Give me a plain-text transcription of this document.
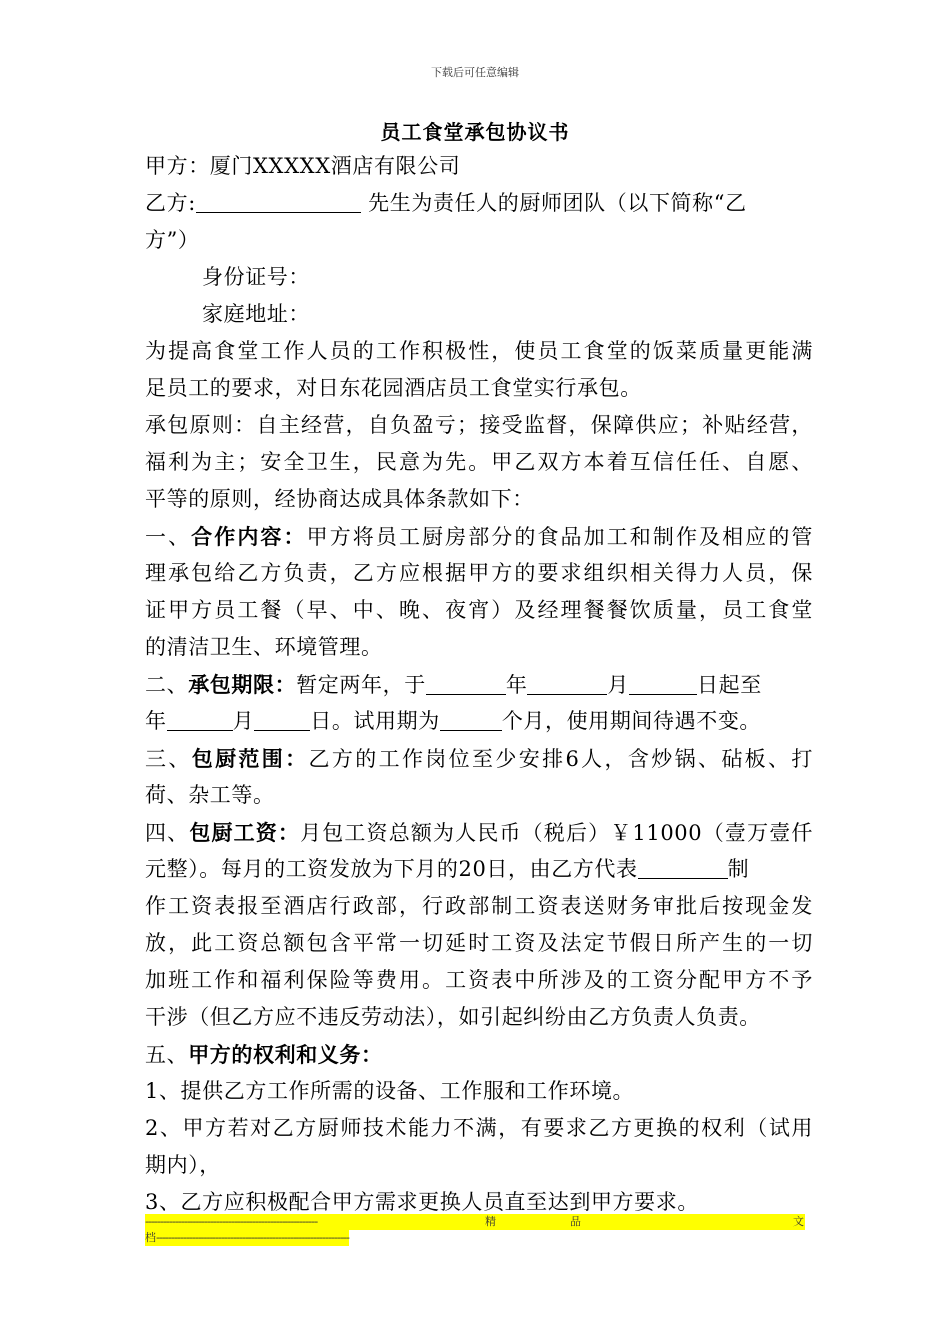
下载后可任意编辑
员工食堂承包协议书
甲方：厦门XXXXX酒店有限公司
乙方:	先生为责任人的厨师团队（以下简称“乙
方”）
身份证号：
家庭地址：
为提高食堂工作人员的工作积极性，使员工食堂的饭菜质量更能满
足员工的要求，对日东花园酒店员工食堂实行承包。
承包原则：自主经营，自负盈亏；接受监督，保障供应；补贴经营，
福利为主；安全卫生，民意为先。甲乙双方本着互信任任、自愿、
平等的原则，经协商达成具体条款如下：
一、合作内容：甲方将员工厨房部分的食品加工和制作及相应的管
理承包给乙方负责，乙方应根据甲方的要求组织相关得力人员，保
证甲方员工餐（早、中、晚、夜宵）及经理餐餐饮质量，员工食堂
的清洁卫生、环境管理。
二、承包期限：暂定两年，于	年	月	日起至
年	月	日。试用期为	个月，使用期间待遇不变。
三、包厨范围：乙方的工作岗位至少安排6人，含炒锅、砧板、打
荷、杂工等。
四、包厨工资：月包工资总额为人民币（税后）￥11000（壹万壹仟
元整）。每月的工资发放为下月的20日，由乙方代表	制
作工资表报至酒店行政部，行政部制工资表送财务审批后按现金发
放，此工资总额包含平常一切延时工资及法定节假日所产生的一切
加班工作和福利保险等费用。工资表中所涉及的工资分配甲方不予
干涉（但乙方应不违反劳动法），如引起纠纷由乙方负责人负责。
五、甲方的权利和义务：
1、提供乙方工作所需的设备、工作服和工作环境。
2、甲方若对乙方厨师技术能力不满，有要求乙方更换的权利（试用
期内），
3、乙方应积极配合甲方需求更换人员直至达到甲方要求。
----------------------------------------------------------	精	品	文
档-----------------------------------------------------------------
